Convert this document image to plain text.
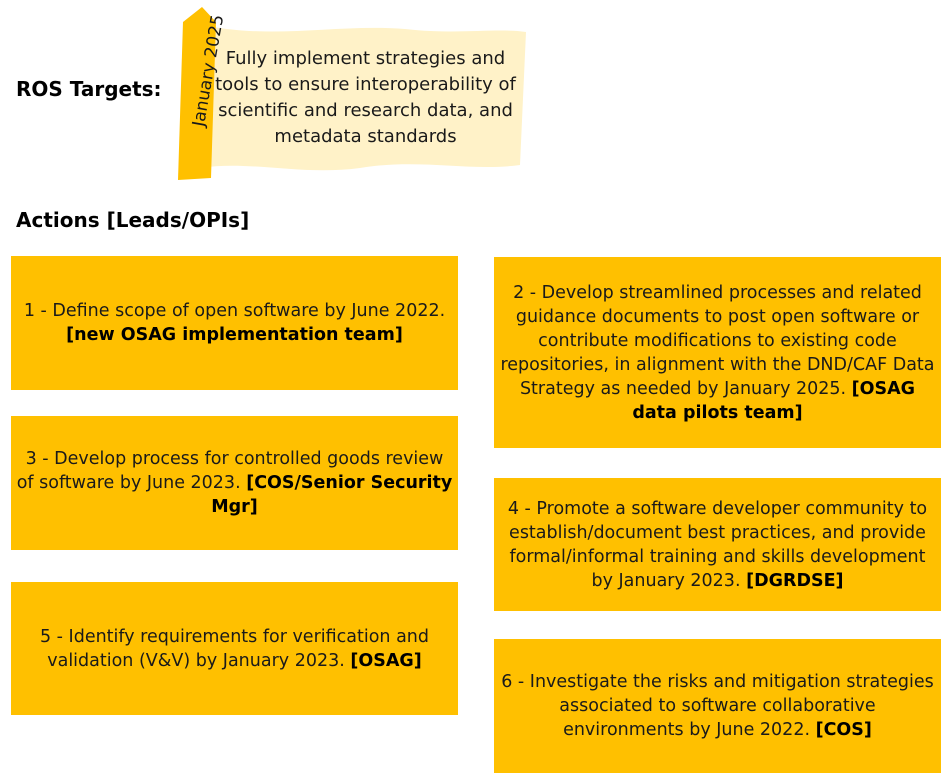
ROS Targets: January 2025
Fully implement strategies and tools to ensure interoperability of scientific and research data, and metadata standards
Actions [Leads/OPIs]
1 - Define scope of open software by June 2022. [new OSAG implementation team]
2 - Develop streamlined processes and related guidance documents to post open software or contribute modifications to existing code repositories, in alignment with the DND/CAF Data Strategy as needed by January 2025. [OSAG data pilots team]
3 - Develop process for controlled goods review of software by June 2023. [COS/Senior Security Mgr]	4 - Promote a software developer community to establish/document best practices, and provide formal/informal training and skills development by January 2023. [DGRDSE]
5 - Identify requirements for verification and validation (V&V) by January 2023. [OSAG]
6 - Investigate the risks and mitigation strategies associated to software collaborative environments by June 2022. [COS]
